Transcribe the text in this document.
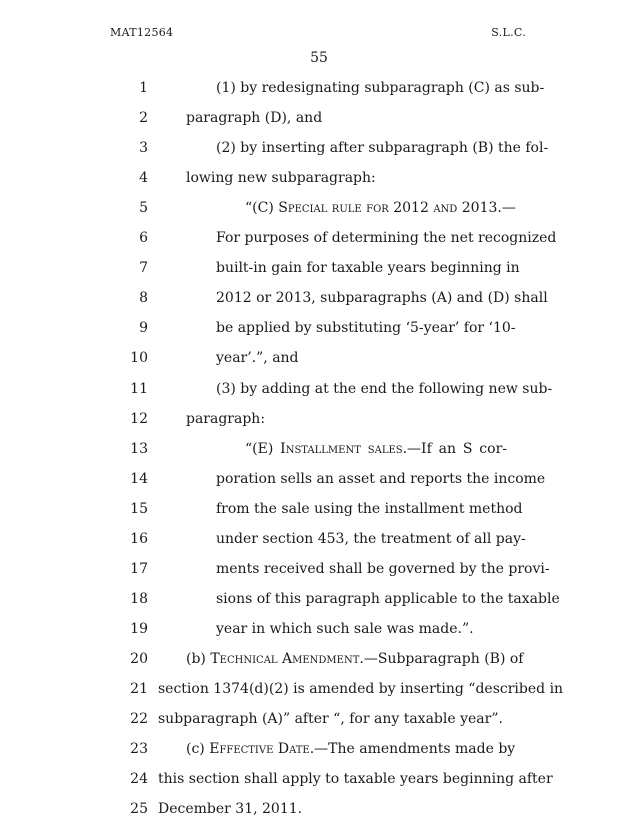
MAT12564	S.L.C.
55
1	(1) by redesignating subparagraph (C) as sub-
2	paragraph (D), and
3	(2) by inserting after subparagraph (B) the fol-
4	lowing new subparagraph:
5	“(C) Special rule for 2012 and 2013.—
6	For purposes of determining the net recognized
7	built-in gain for taxable years beginning in
8	2012 or 2013, subparagraphs (A) and (D) shall
9	be applied by substituting ‘5-year’ for ‘10-
10	year’.”, and
11	(3) by adding at the end the following new sub-
12	paragraph:
13	“(E) Installment sales.—If an S cor-
14	poration sells an asset and reports the income
15	from the sale using the installment method
16	under section 453, the treatment of all pay-
17	ments received shall be governed by the provi-
18	sions of this paragraph applicable to the taxable
19	year in which such sale was made.”.
20	(b) Technical Amendment.—Subparagraph (B) of
21 section 1374(d)(2) is amended by inserting “described in
22 subparagraph (A)” after “, for any taxable year”.
23	(c) Effective Date.—The amendments made by
24 this section shall apply to taxable years beginning after
25 December 31, 2011.
